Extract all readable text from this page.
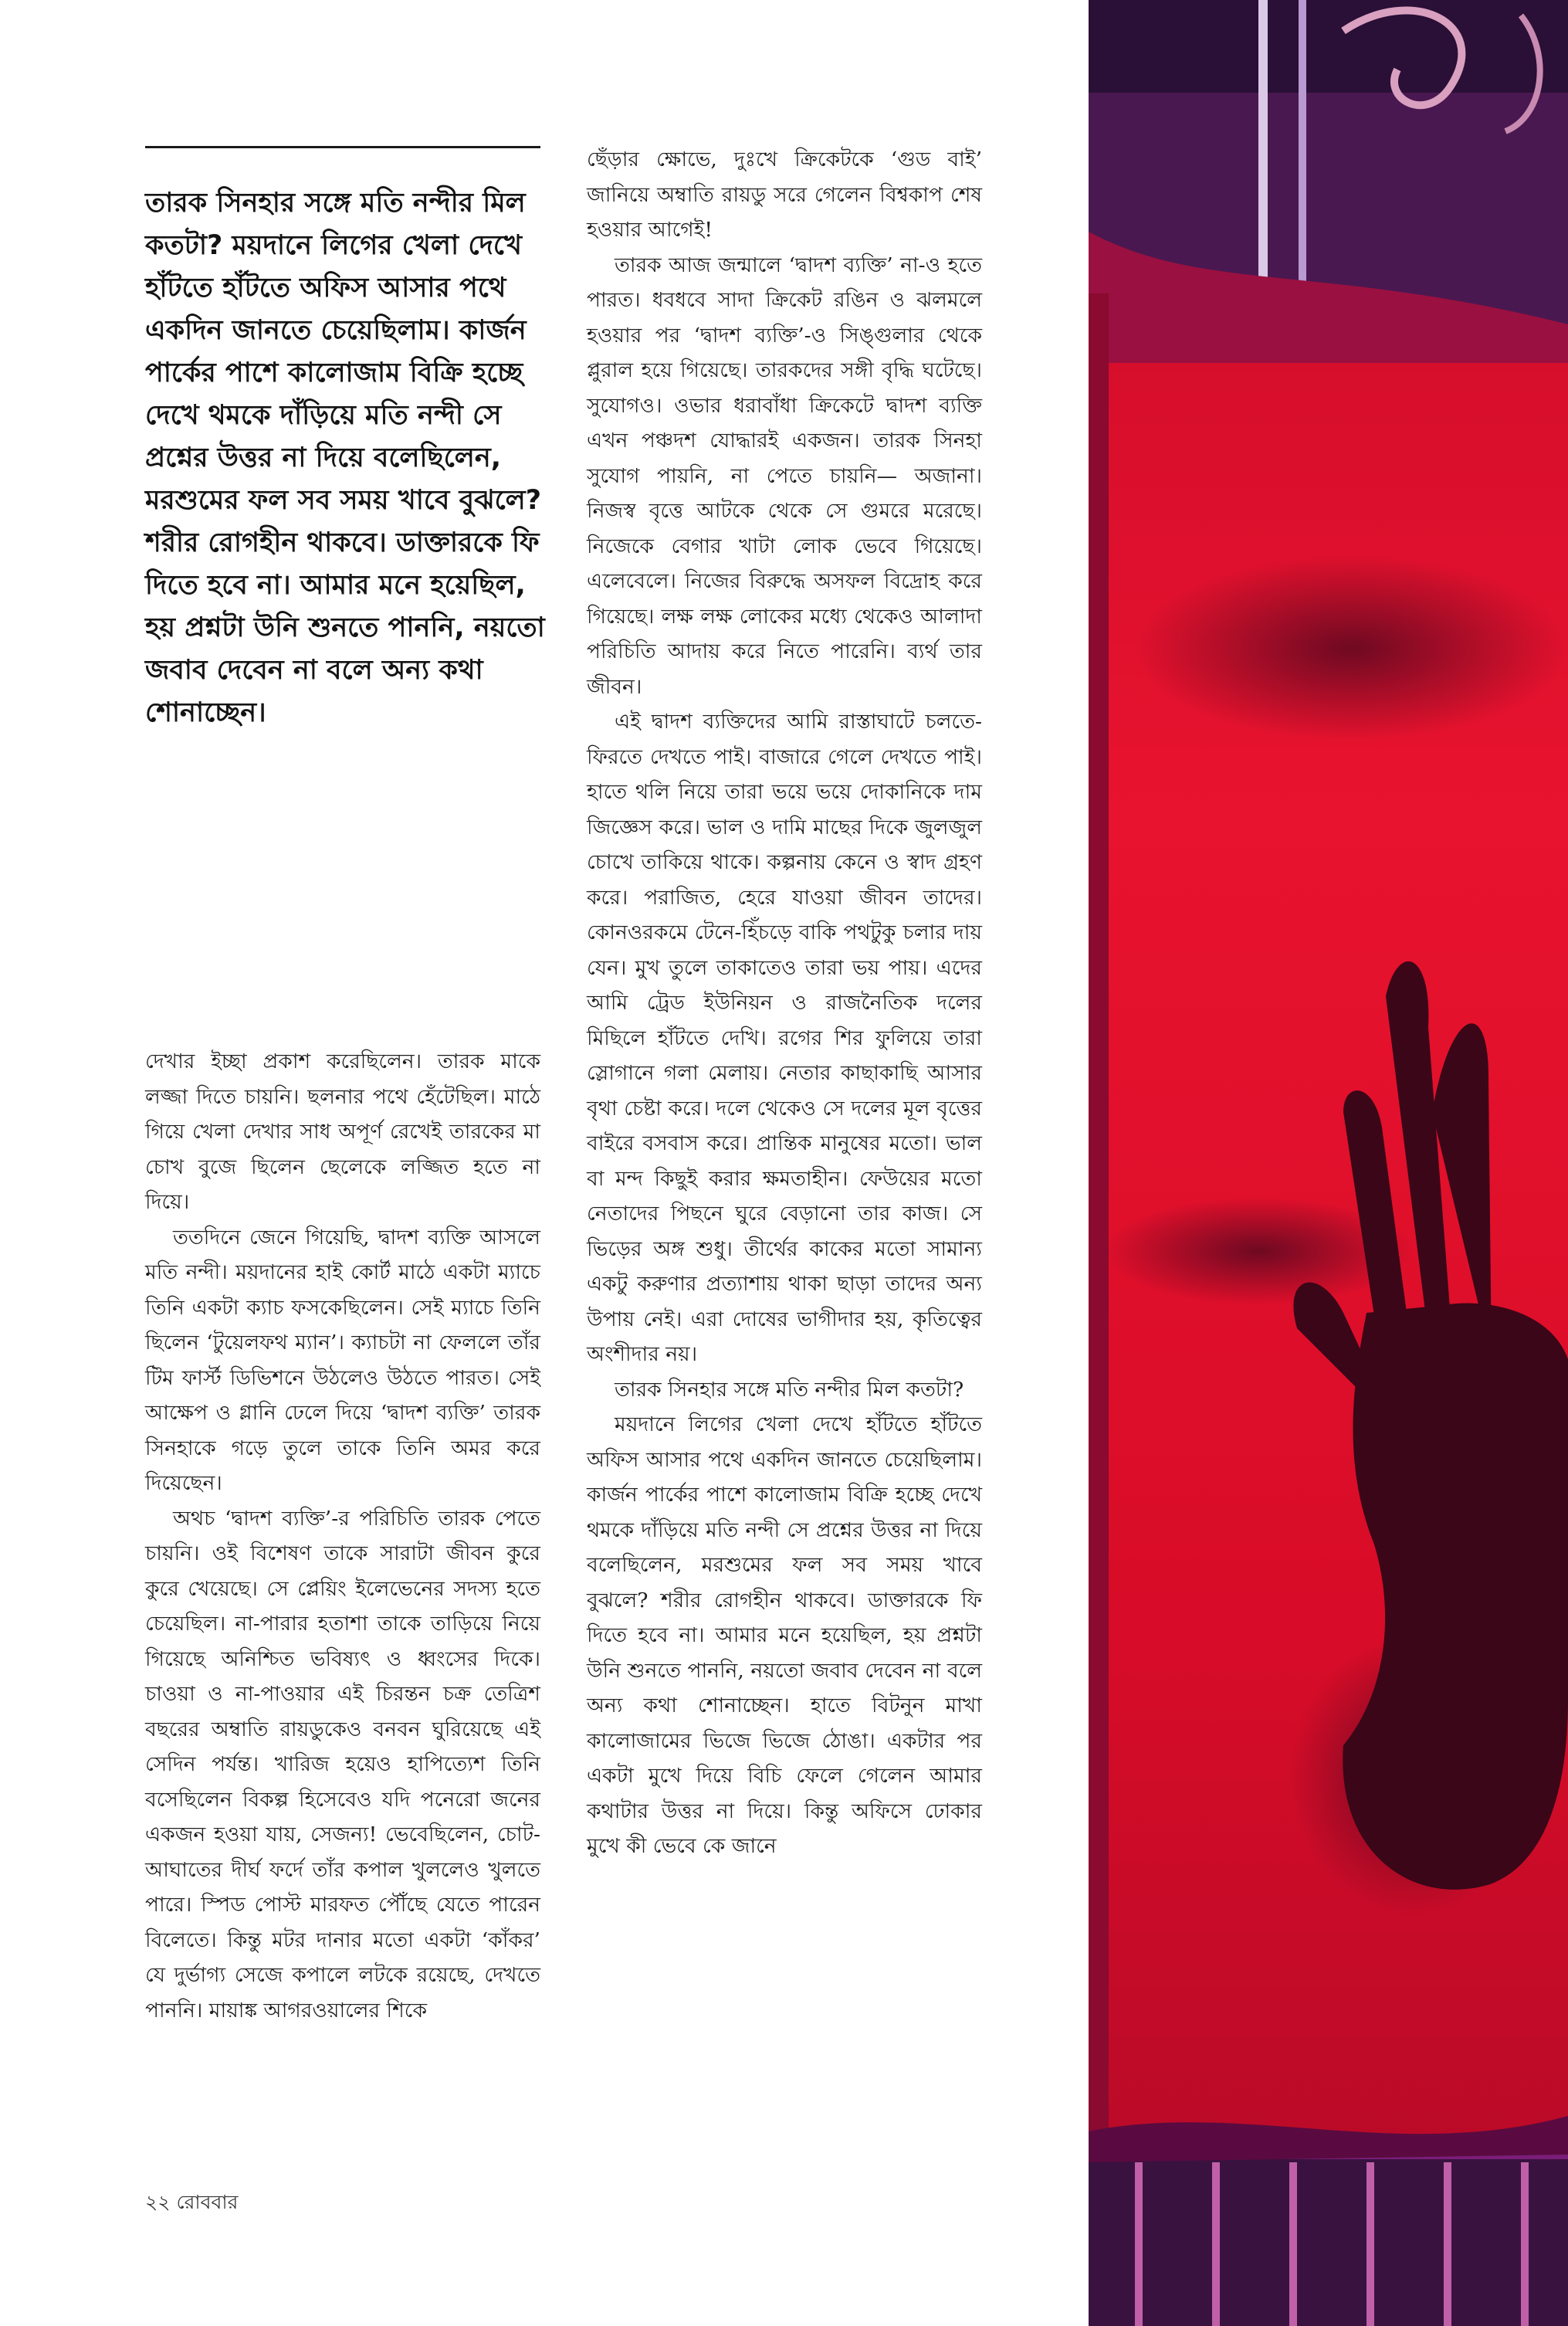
তারক সিনহার সঙ্গে মতি নন্দীর মিল কতটা? ময়দানে লিগের খেলা দেখে হাঁটতে হাঁটতে অফিস আসার পথে একদিন জানতে চেয়েছিলাম। কার্জন পার্কের পাশে কালোজাম বিক্রি হচ্ছে দেখে থমকে দাঁড়িয়ে মতি নন্দী সে প্রশ্নের উত্তর না দিয়ে বলেছিলেন, মরশুমের ফল সব সময় খাবে বুঝলে? শরীর রোগহীন থাকবে। ডাক্তারকে ফি দিতে হবে না। আমার মনে হয়েছিল, হয় প্রশ্নটা উনি শুনতে পাননি, নয়তো জবাব দেবেন না বলে অন্য কথা শোনাচ্ছেন।

দেখার ইচ্ছা প্রকাশ করেছিলেন। তারক মাকে লজ্জা দিতে চায়নি। ছলনার পথে হেঁটেছিল। মাঠে গিয়ে খেলা দেখার সাধ অপূর্ণ রেখেই তারকের মা চোখ বুজে ছিলেন ছেলেকে লজ্জিত হতে না দিয়ে।

ততদিনে জেনে গিয়েছি, দ্বাদশ ব্যক্তি আসলে মতি নন্দী। ময়দানের হাই কোর্ট মাঠে একটা ম্যাচে তিনি একটা ক্যাচ ফসকেছিলেন। সেই ম্যাচে তিনি ছিলেন ‘টুয়েলফথ ম্যান’। ক্যাচটা না ফেললে তাঁর টিম ফার্স্ট ডিভিশনে উঠলেও উঠতে পারত। সেই আক্ষেপ ও গ্লানি ঢেলে দিয়ে ‘দ্বাদশ ব্যক্তি’ তারক সিনহাকে গড়ে তুলে তাকে তিনি অমর করে দিয়েছেন।

অথচ ‘দ্বাদশ ব্যক্তি’-র পরিচিতি তারক পেতে চায়নি। ওই বিশেষণ তাকে সারাটা জীবন কুরে কুরে খেয়েছে। সে প্লেয়িং ইলেভেনের সদস্য হতে চেয়েছিল। না-পারার হতাশা তাকে তাড়িয়ে নিয়ে গিয়েছে অনিশ্চিত ভবিষ্যৎ ও ধ্বংসের দিকে। চাওয়া ও না-পাওয়ার এই চিরন্তন চক্র তেত্রিশ বছরের অম্বাতি রায়ডুকেও বনবন ঘুরিয়েছে এই সেদিন পর্যন্ত। খারিজ হয়েও হাপিত্যেশ তিনি বসেছিলেন বিকল্প হিসেবেও যদি পনেরো জনের একজন হওয়া যায়, সেজন্য! ভেবেছিলেন, চোট-আঘাতের দীর্ঘ ফর্দে তাঁর কপাল খুললেও খুলতে পারে। স্পিড পোস্ট মারফত পৌঁছে যেতে পারেন বিলেতে। কিন্তু মটর দানার মতো একটা ‘কাঁকর’ যে দুর্ভাগ্য সেজে কপালে লটকে রয়েছে, দেখতে পাননি। মায়াঙ্ক আগরওয়ালের শিকে

ছেঁড়ার ক্ষোভে, দুঃখে ক্রিকেটকে ‘গুড বাই’ জানিয়ে অম্বাতি রায়ডু সরে গেলেন বিশ্বকাপ শেষ হওয়ার আগেই!

তারক আজ জন্মালে ‘দ্বাদশ ব্যক্তি’ না-ও হতে পারত। ধবধবে সাদা ক্রিকেট রঙিন ও ঝলমলে হওয়ার পর ‘দ্বাদশ ব্যক্তি’-ও সিঙ্গুলার থেকে প্লুরাল হয়ে গিয়েছে। তারকদের সঙ্গী বৃদ্ধি ঘটেছে। সুযোগও। ওভার ধরাবাঁধা ক্রিকেটে দ্বাদশ ব্যক্তি এখন পঞ্চদশ যোদ্ধারই একজন। তারক সিনহা সুযোগ পায়নি, না পেতে চায়নি— অজানা। নিজস্ব বৃত্তে আটকে থেকে সে গুমরে মরেছে। নিজেকে বেগার খাটা লোক ভেবে গিয়েছে। এলেবেলে। নিজের বিরুদ্ধে অসফল বিদ্রোহ করে গিয়েছে। লক্ষ লক্ষ লোকের মধ্যে থেকেও আলাদা পরিচিতি আদায় করে নিতে পারেনি। ব্যর্থ তার জীবন।

এই দ্বাদশ ব্যক্তিদের আমি রাস্তাঘাটে চলতে-ফিরতে দেখতে পাই। বাজারে গেলে দেখতে পাই। হাতে থলি নিয়ে তারা ভয়ে ভয়ে দোকানিকে দাম জিজ্ঞেস করে। ভাল ও দামি মাছের দিকে জুলজুল চোখে তাকিয়ে থাকে। কল্পনায় কেনে ও স্বাদ গ্রহণ করে। পরাজিত, হেরে যাওয়া জীবন তাদের। কোনওরকমে টেনে-হিঁচড়ে বাকি পথটুকু চলার দায় যেন। মুখ তুলে তাকাতেও তারা ভয় পায়। এদের আমি ট্রেড ইউনিয়ন ও রাজনৈতিক দলের মিছিলে হাঁটতে দেখি। রগের শির ফুলিয়ে তারা স্লোগানে গলা মেলায়। নেতার কাছাকাছি আসার বৃথা চেষ্টা করে। দলে থেকেও সে দলের মূল বৃত্তের বাইরে বসবাস করে। প্রান্তিক মানুষের মতো। ভাল বা মন্দ কিছুই করার ক্ষমতাহীন। ফেউয়ের মতো নেতাদের পিছনে ঘুরে বেড়ানো তার কাজ। সে ভিড়ের অঙ্গ শুধু। তীর্থের কাকের মতো সামান্য একটু করুণার প্রত্যাশায় থাকা ছাড়া তাদের অন্য উপায় নেই। এরা দোষের ভাগীদার হয়, কৃতিত্বের অংশীদার নয়।

তারক সিনহার সঙ্গে মতি নন্দীর মিল কতটা?

ময়দানে লিগের খেলা দেখে হাঁটতে হাঁটতে অফিস আসার পথে একদিন জানতে চেয়েছিলাম। কার্জন পার্কের পাশে কালোজাম বিক্রি হচ্ছে দেখে থমকে দাঁড়িয়ে মতি নন্দী সে প্রশ্নের উত্তর না দিয়ে বলেছিলেন, মরশুমের ফল সব সময় খাবে বুঝলে? শরীর রোগহীন থাকবে। ডাক্তারকে ফি দিতে হবে না। আমার মনে হয়েছিল, হয় প্রশ্নটা উনি শুনতে পাননি, নয়তো জবাব দেবেন না বলে অন্য কথা শোনাচ্ছেন। হাতে বিটনুন মাখা কালোজামের ভিজে ভিজে ঠোঙা। একটার পর একটা মুখে দিয়ে বিচি ফেলে গেলেন আমার কথাটার উত্তর না দিয়ে। কিন্তু অফিসে ঢোকার মুখে কী ভেবে কে জানে

২২ রোববার
